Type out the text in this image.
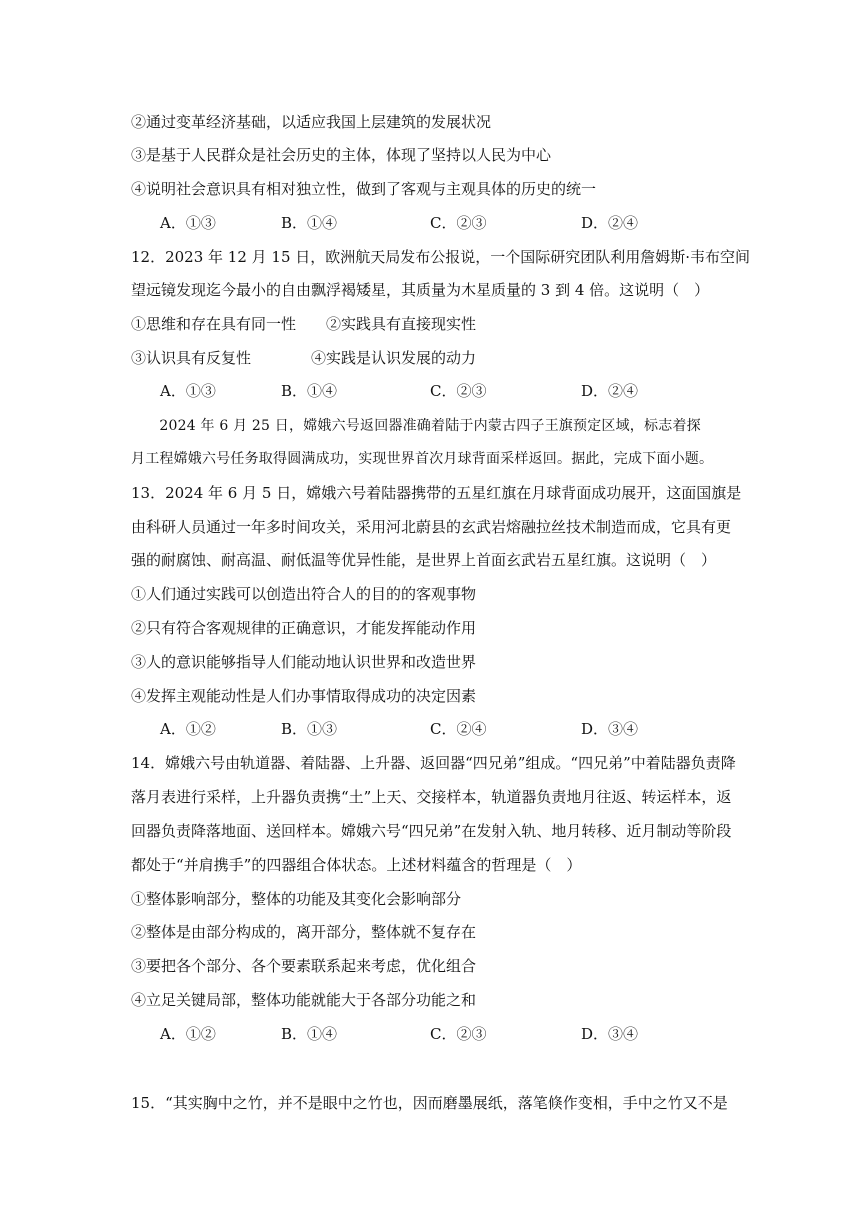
②通过变革经济基础，以适应我国上层建筑的发展状况
③是基于人民群众是社会历史的主体，体现了坚持以人民为中心
④说明社会意识具有相对独立性，做到了客观与主观具体的历史的统一
A．①③	B．①④	C．②③	D．②④
12．2023 年 12 月 15 日，欧洲航天局发布公报说，一个国际研究团队利用詹姆斯·韦布空间
望远镜发现迄今最小的自由飘浮褐矮星，其质量为木星质量的 3 到 4 倍。这说明（　）
①思维和存在具有同一性　　②实践具有直接现实性
③认识具有反复性　　　　④实践是认识发展的动力
A．①③	B．①④	C．②③	D．②④
　　2024 年 6 月 25 日，嫦娥六号返回器准确着陆于内蒙古四子王旗预定区域，标志着探
月工程嫦娥六号任务取得圆满成功，实现世界首次月球背面采样返回。据此，完成下面小题。
13．2024 年 6 月 5 日，嫦娥六号着陆器携带的五星红旗在月球背面成功展开，这面国旗是
由科研人员通过一年多时间攻关，采用河北蔚县的玄武岩熔融拉丝技术制造而成，它具有更
强的耐腐蚀、耐高温、耐低温等优异性能，是世界上首面玄武岩五星红旗。这说明（　）
①人们通过实践可以创造出符合人的目的的客观事物
②只有符合客观规律的正确意识，才能发挥能动作用
③人的意识能够指导人们能动地认识世界和改造世界
④发挥主观能动性是人们办事情取得成功的决定因素
A．①②	B．①③	C．②④	D．③④
14．嫦娥六号由轨道器、着陆器、上升器、返回器“四兄弟”组成。“四兄弟”中着陆器负责降
落月表进行采样，上升器负责携“土”上天、交接样本，轨道器负责地月往返、转运样本，返
回器负责降落地面、送回样本。嫦娥六号“四兄弟”在发射入轨、地月转移、近月制动等阶段
都处于“并肩携手”的四器组合体状态。上述材料蕴含的哲理是（　）
①整体影响部分，整体的功能及其变化会影响部分
②整体是由部分构成的，离开部分，整体就不复存在
③要把各个部分、各个要素联系起来考虑，优化组合
④立足关键局部，整体功能就能大于各部分功能之和
A．①②	B．①④	C．②③	D．③④
15．“其实胸中之竹，并不是眼中之竹也，因而磨墨展纸，落笔倏作变相，手中之竹又不是
